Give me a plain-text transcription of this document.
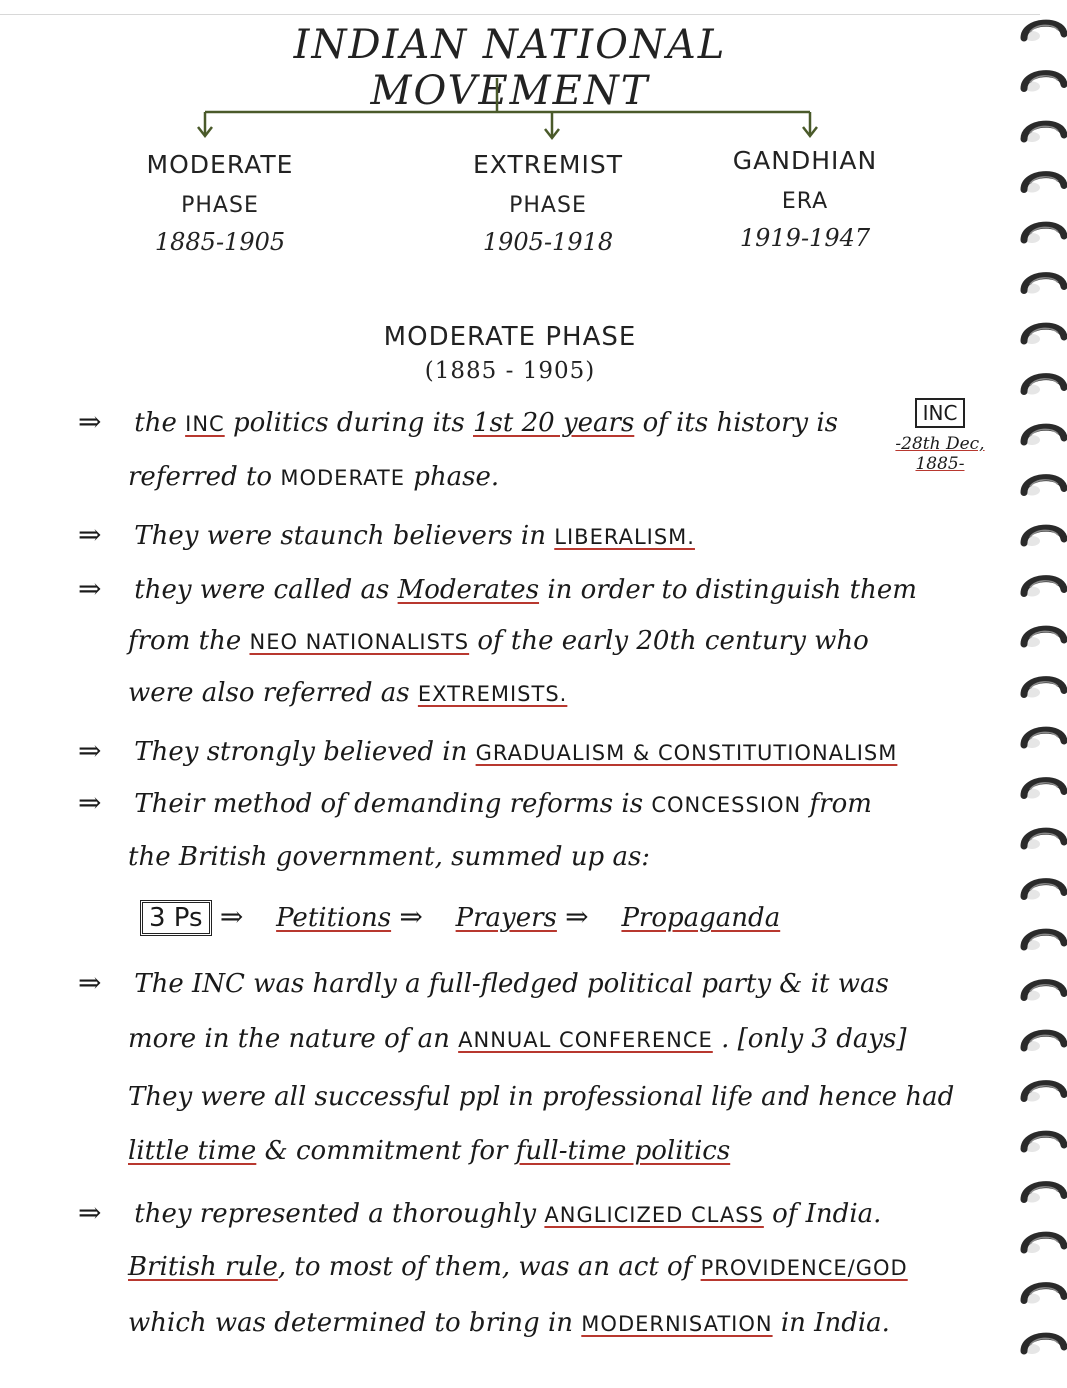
INDIAN NATIONAL MOVEMENT
MODERATE
PHASE
1885-1905
EXTREMIST
PHASE
1905-1918
GANDHIAN
ERA
1919-1947
MODERATE PHASE
(1885 - 1905)
INC
-28th Dec,
1885-
⇒ the INC politics during its 1st 20 years of its history is
referred to MODERATE phase.
⇒ They were staunch believers in LIBERALISM.
⇒ they were called as Moderates in order to distinguish them
from the NEO NATIONALISTS of the early 20th century who
were also referred as EXTREMISTS.
⇒ They strongly believed in GRADUALISM & CONSTITUTIONALISM
⇒ Their method of demanding reforms is CONCESSION from
the British government, summed up as:
3 Ps ⇒ Petitions ⇒ Prayers ⇒ Propaganda
⇒ The INC was hardly a full-fledged political party & it was
more in the nature of an ANNUAL CONFERENCE . [only 3 days]
They were all successful ppl in professional life and hence had
little time & commitment for full-time politics
⇒ they represented a thoroughly ANGLICIZED CLASS of India.
British rule, to most of them, was an act of PROVIDENCE/GOD
which was determined to bring in MODERNISATION in India.
